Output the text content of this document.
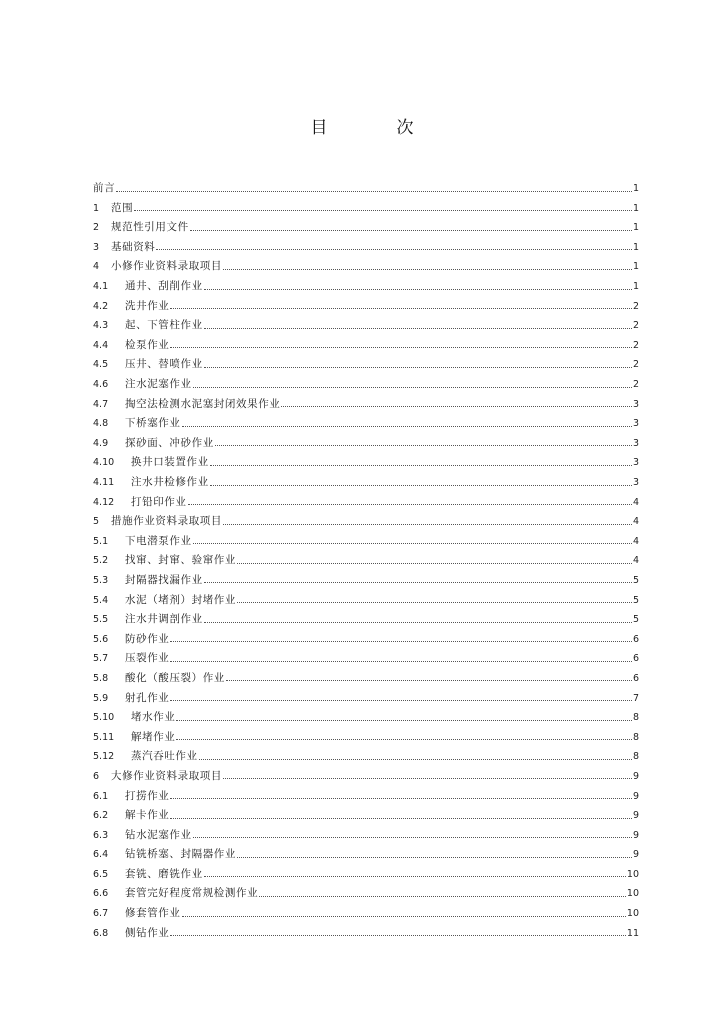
目　次
前言	1
1	范围	1
2	规范性引用文件	1
3	基础资料	1
4	小修作业资料录取项目	1
4.1	通井、刮削作业	1
4.2	洗井作业	2
4.3	起、下管柱作业	2
4.4	检泵作业	2
4.5	压井、替喷作业	2
4.6	注水泥塞作业	2
4.7	掏空法检测水泥塞封闭效果作业	3
4.8	下桥塞作业	3
4.9	探砂面、冲砂作业	3
4.10	换井口装置作业	3
4.11	注水井检修作业	3
4.12	打铅印作业	4
5	措施作业资料录取项目	4
5.1	下电潜泵作业	4
5.2	找窜、封窜、验窜作业	4
5.3	封隔器找漏作业	5
5.4	水泥（堵剂）封堵作业	5
5.5	注水井调剖作业	5
5.6	防砂作业	6
5.7	压裂作业	6
5.8	酸化（酸压裂）作业	6
5.9	射孔作业	7
5.10	堵水作业	8
5.11	解堵作业	8
5.12	蒸汽吞吐作业	8
6	大修作业资料录取项目	9
6.1	打捞作业	9
6.2	解卡作业	9
6.3	钻水泥塞作业	9
6.4	钻铣桥塞、封隔器作业	9
6.5	套铣、磨铣作业	10
6.6	套管完好程度常规检测作业	10
6.7	修套管作业	10
6.8	侧钻作业	11
